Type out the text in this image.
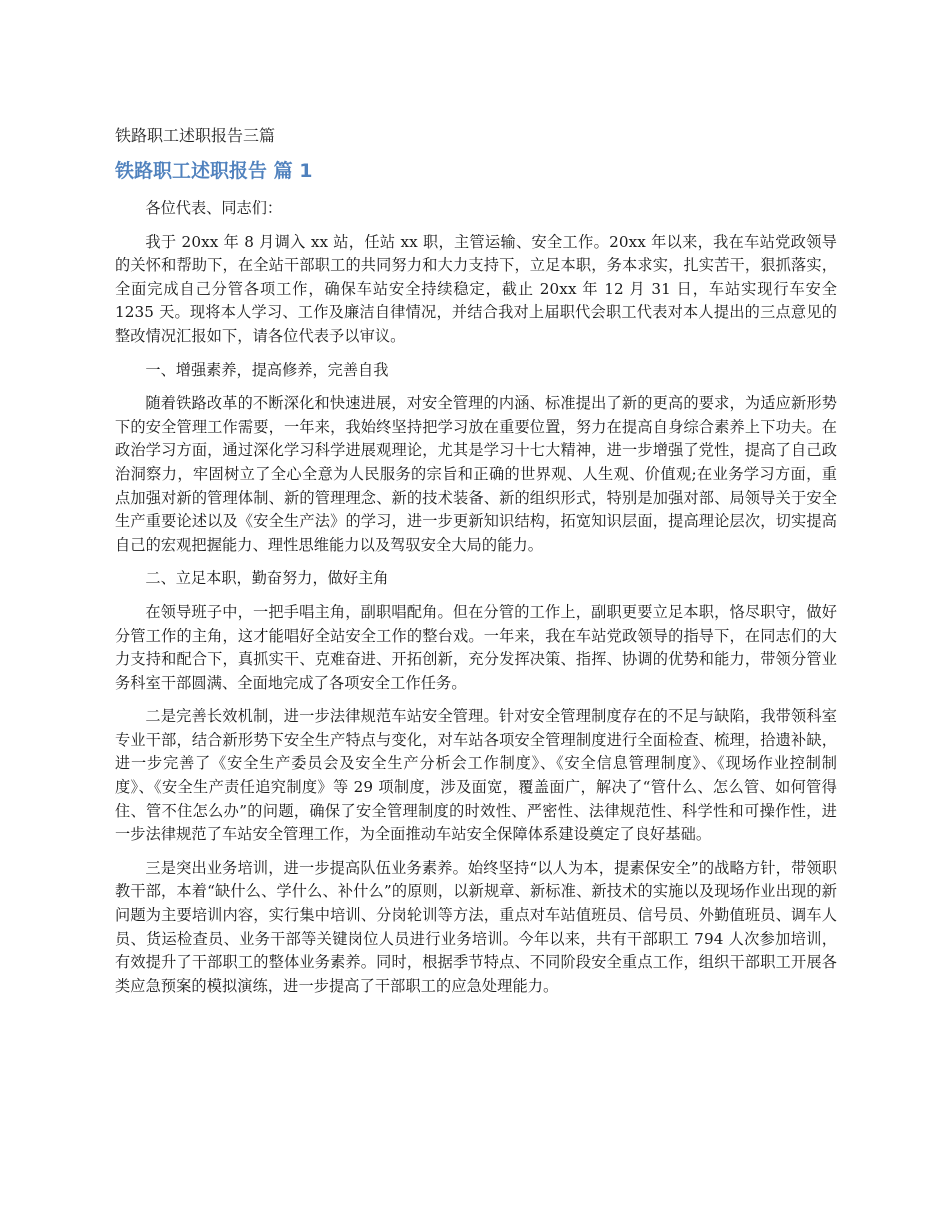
铁路职工述职报告三篇
铁路职工述职报告 篇 1

各位代表、同志们：

我于 20xx 年 8 月调入 xx 站，任站 xx 职，主管运输、安全工作。20xx 年以来，我在车站党政领导的关怀和帮助下，在全站干部职工的共同努力和大力支持下，立足本职，务本求实，扎实苦干，狠抓落实，全面完成自己分管各项工作，确保车站安全持续稳定，截止 20xx 年 12 月 31 日，车站实现行车安全 1235 天。现将本人学习、工作及廉洁自律情况，并结合我对上届职代会职工代表对本人提出的三点意见的整改情况汇报如下，请各位代表予以审议。

一、增强素养，提高修养，完善自我

随着铁路改革的不断深化和快速进展，对安全管理的内涵、标准提出了新的更高的要求，为适应新形势下的安全管理工作需要，一年来，我始终坚持把学习放在重要位置，努力在提高自身综合素养上下功夫。在政治学习方面，通过深化学习科学进展观理论，尤其是学习十七大精神，进一步增强了党性，提高了自己政治洞察力，牢固树立了全心全意为人民服务的宗旨和正确的世界观、人生观、价值观;在业务学习方面，重点加强对新的管理体制、新的管理理念、新的技术装备、新的组织形式，特别是加强对部、局领导关于安全生产重要论述以及《安全生产法》的学习，进一步更新知识结构，拓宽知识层面，提高理论层次，切实提高自己的宏观把握能力、理性思维能力以及驾驭安全大局的能力。

二、立足本职，勤奋努力，做好主角

在领导班子中，一把手唱主角，副职唱配角。但在分管的工作上，副职更要立足本职，恪尽职守，做好分管工作的主角，这才能唱好全站安全工作的整台戏。一年来，我在车站党政领导的指导下，在同志们的大力支持和配合下，真抓实干、克难奋进、开拓创新，充分发挥决策、指挥、协调的优势和能力，带领分管业务科室干部圆满、全面地完成了各项安全工作任务。

二是完善长效机制，进一步法律规范车站安全管理。针对安全管理制度存在的不足与缺陷，我带领科室专业干部，结合新形势下安全生产特点与变化，对车站各项安全管理制度进行全面检查、梳理，拾遗补缺，进一步完善了《安全生产委员会及安全生产分析会工作制度》、《安全信息管理制度》、《现场作业控制制度》、《安全生产责任追究制度》等 29 项制度，涉及面宽，覆盖面广，解决了“管什么、怎么管、如何管得住、管不住怎么办”的问题，确保了安全管理制度的时效性、严密性、法律规范性、科学性和可操作性，进一步法律规范了车站安全管理工作，为全面推动车站安全保障体系建设奠定了良好基础。

三是突出业务培训，进一步提高队伍业务素养。始终坚持“以人为本，提素保安全”的战略方针，带领职教干部，本着“缺什么、学什么、补什么”的原则，以新规章、新标准、新技术的实施以及现场作业出现的新问题为主要培训内容，实行集中培训、分岗轮训等方法，重点对车站值班员、信号员、外勤值班员、调车人员、货运检查员、业务干部等关键岗位人员进行业务培训。今年以来，共有干部职工 794 人次参加培训，有效提升了干部职工的整体业务素养。同时，根据季节特点、不同阶段安全重点工作，组织干部职工开展各类应急预案的模拟演练，进一步提高了干部职工的应急处理能力。
